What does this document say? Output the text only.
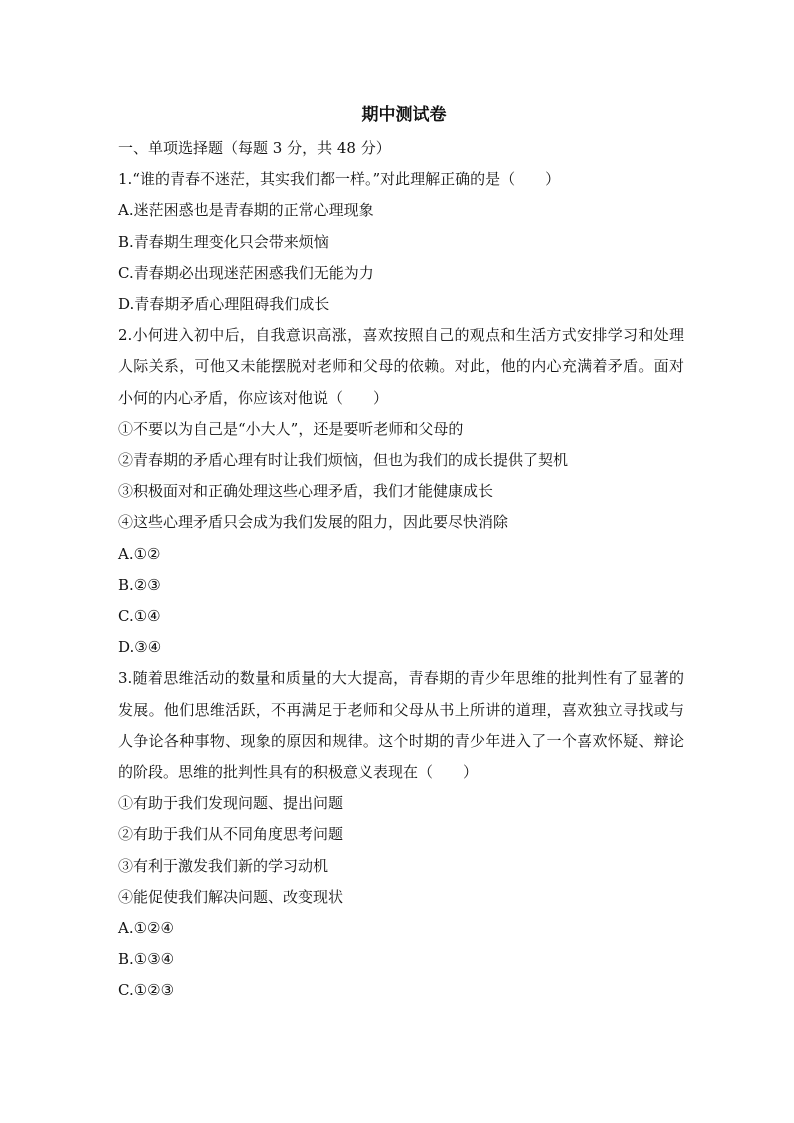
期中测试卷
一、单项选择题（每题 3 分，共 48 分）
1.“谁的青春不迷茫，其实我们都一样。”对此理解正确的是（　　）
A.迷茫困惑也是青春期的正常心理现象
B.青春期生理变化只会带来烦恼
C.青春期必出现迷茫困惑我们无能为力
D.青春期矛盾心理阻碍我们成长
2.小何进入初中后，自我意识高涨，喜欢按照自己的观点和生活方式安排学习和处理人际关系，可他又未能摆脱对老师和父母的依赖。对此，他的内心充满着矛盾。面对小何的内心矛盾，你应该对他说（　　）
①不要以为自己是“小大人”，还是要听老师和父母的
②青春期的矛盾心理有时让我们烦恼，但也为我们的成长提供了契机
③积极面对和正确处理这些心理矛盾，我们才能健康成长
④这些心理矛盾只会成为我们发展的阻力，因此要尽快消除
A.①②
B.②③
C.①④
D.③④
3.随着思维活动的数量和质量的大大提高，青春期的青少年思维的批判性有了显著的发展。他们思维活跃，不再满足于老师和父母从书上所讲的道理，喜欢独立寻找或与人争论各种事物、现象的原因和规律。这个时期的青少年进入了一个喜欢怀疑、辩论的阶段。思维的批判性具有的积极意义表现在（　　）
①有助于我们发现问题、提出问题
②有助于我们从不同角度思考问题
③有利于激发我们新的学习动机
④能促使我们解决问题、改变现状
A.①②④
B.①③④
C.①②③
